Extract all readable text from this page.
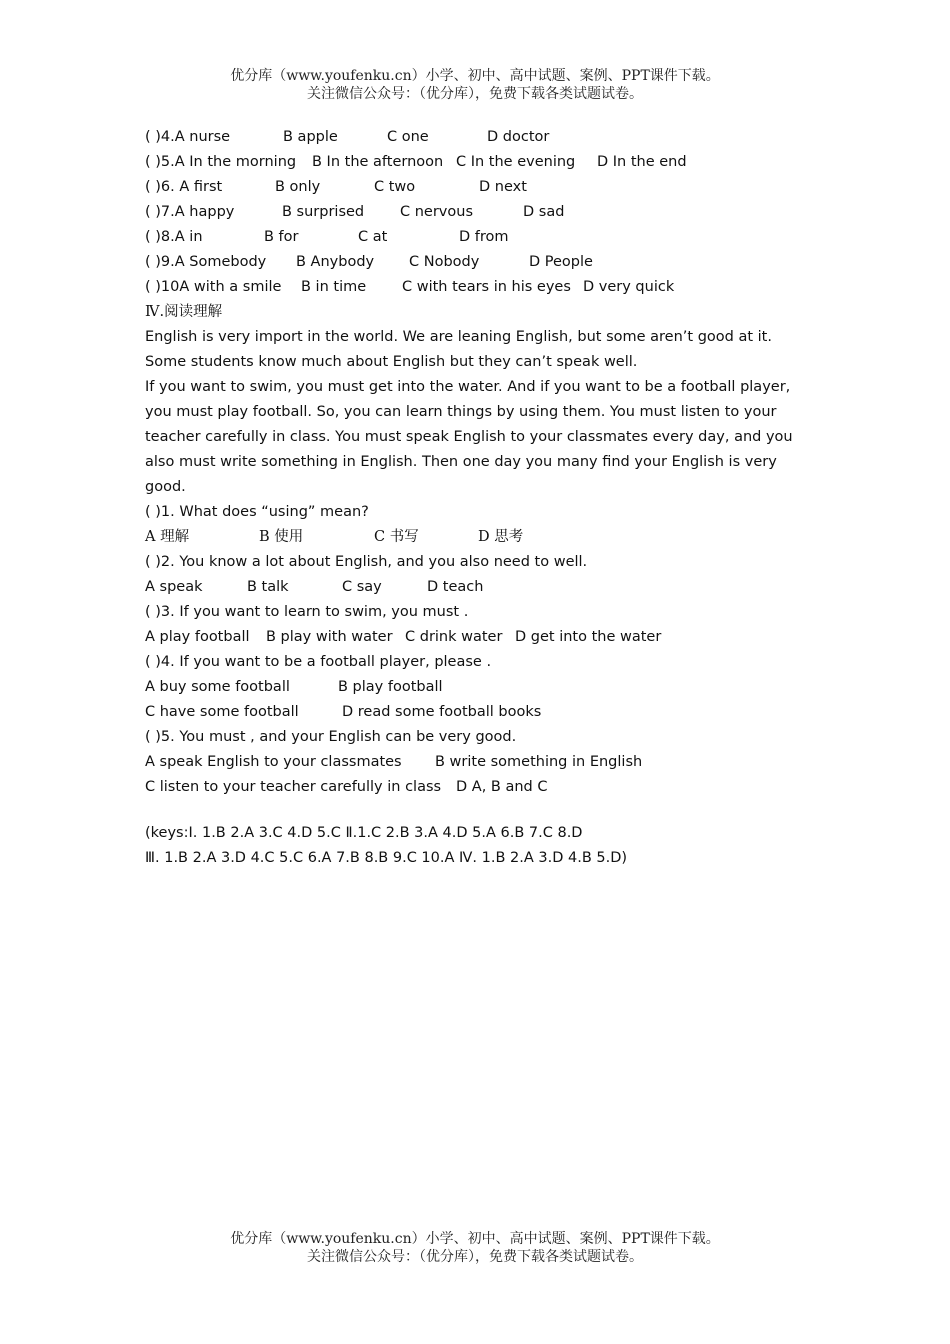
优分库（www.youfenku.cn）小学、初中、高中试题、案例、PPT课件下载。
关注微信公众号：（优分库），免费下载各类试题试卷。
( )4.A nurse	B apple	C one	D doctor
( )5.A In the morning B In the afternoon C In the evening D In the end
( )6. A first	B only	C two	D next
( )7.A happy	B surprised C nervous	D sad
( )8.A in	B for	C at	D from
( )9.A Somebody B Anybody C Nobody	D People
( )10A with a smile B in time C with tears in his eyes D very quick
Ⅳ.阅读理解
English is very import in the world. We are leaning English, but some aren’t good at it.
Some students know much about English but they can’t speak well.
If you want to swim, you must get into the water. And if you want to be a football player,
you must play football. So, you can learn things by using them. You must listen to your
teacher carefully in class. You must speak English to your classmates every day, and you
also must write something in English. Then one day you many find your English is very
good.
( )1. What does “using” mean?
A 理解	B 使用	C 书写	D 思考
( )2. You know a lot about English, and you also need to well.
A speak	B talk	C say	D teach
( )3. If you want to learn to swim, you must .
A play football B play with water C drink water D get into the water
( )4. If you want to be a football player, please .
A buy some football	B play football
C have some football	D read some football books
( )5. You must , and your English can be very good.
A speak English to your classmates B write something in English
C listen to your teacher carefully in class D A, B and C
(keys:Ⅰ. 1.B 2.A 3.C 4.D 5.C Ⅱ.1.C 2.B 3.A 4.D 5.A 6.B 7.C 8.D
Ⅲ. 1.B 2.A 3.D 4.C 5.C 6.A 7.B 8.B 9.C 10.A Ⅳ. 1.B 2.A 3.D 4.B 5.D)
优分库（www.youfenku.cn）小学、初中、高中试题、案例、PPT课件下载。
关注微信公众号：（优分库），免费下载各类试题试卷。
